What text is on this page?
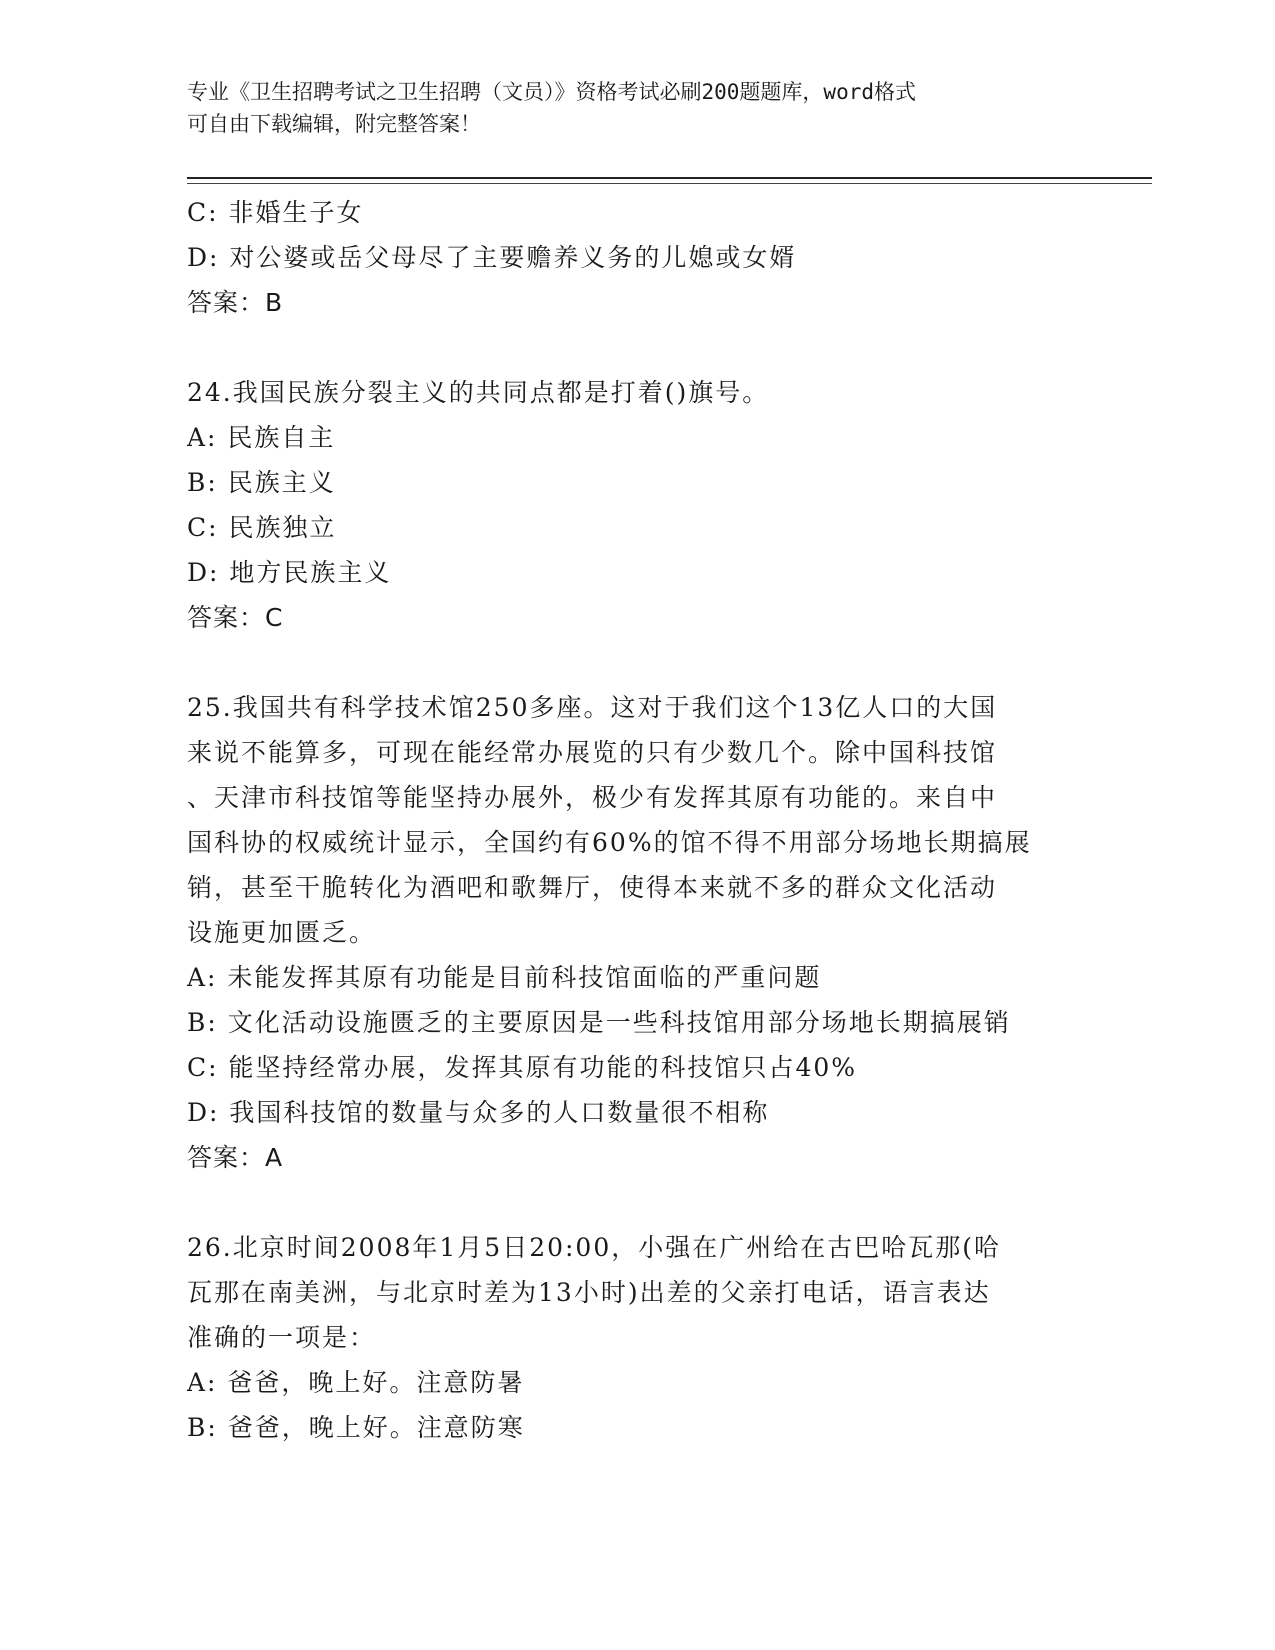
专业《卫生招聘考试之卫生招聘（文员）》资格考试必刷200题题库，word格式
可自由下载编辑，附完整答案！

C: 非婚生子女

D: 对公婆或岳父母尽了主要赡养义务的儿媳或女婿

答案：B

24.我国民族分裂主义的共同点都是打着()旗号。

A: 民族自主

B: 民族主义

C: 民族独立

D: 地方民族主义

答案：C

25.我国共有科学技术馆250多座。这对于我们这个13亿人口的大国

来说不能算多，可现在能经常办展览的只有少数几个。除中国科技馆

、天津市科技馆等能坚持办展外，极少有发挥其原有功能的。来自中

国科协的权威统计显示，全国约有60%的馆不得不用部分场地长期搞展

销，甚至干脆转化为酒吧和歌舞厅，使得本来就不多的群众文化活动

设施更加匮乏。

A: 未能发挥其原有功能是目前科技馆面临的严重问题

B: 文化活动设施匮乏的主要原因是一些科技馆用部分场地长期搞展销

C: 能坚持经常办展，发挥其原有功能的科技馆只占40%

D: 我国科技馆的数量与众多的人口数量很不相称

答案：A

26.北京时间2008年1月5日20:00，小强在广州给在古巴哈瓦那(哈

瓦那在南美洲，与北京时差为13小时)出差的父亲打电话，语言表达

准确的一项是：

A: 爸爸，晚上好。注意防暑

B: 爸爸，晚上好。注意防寒
